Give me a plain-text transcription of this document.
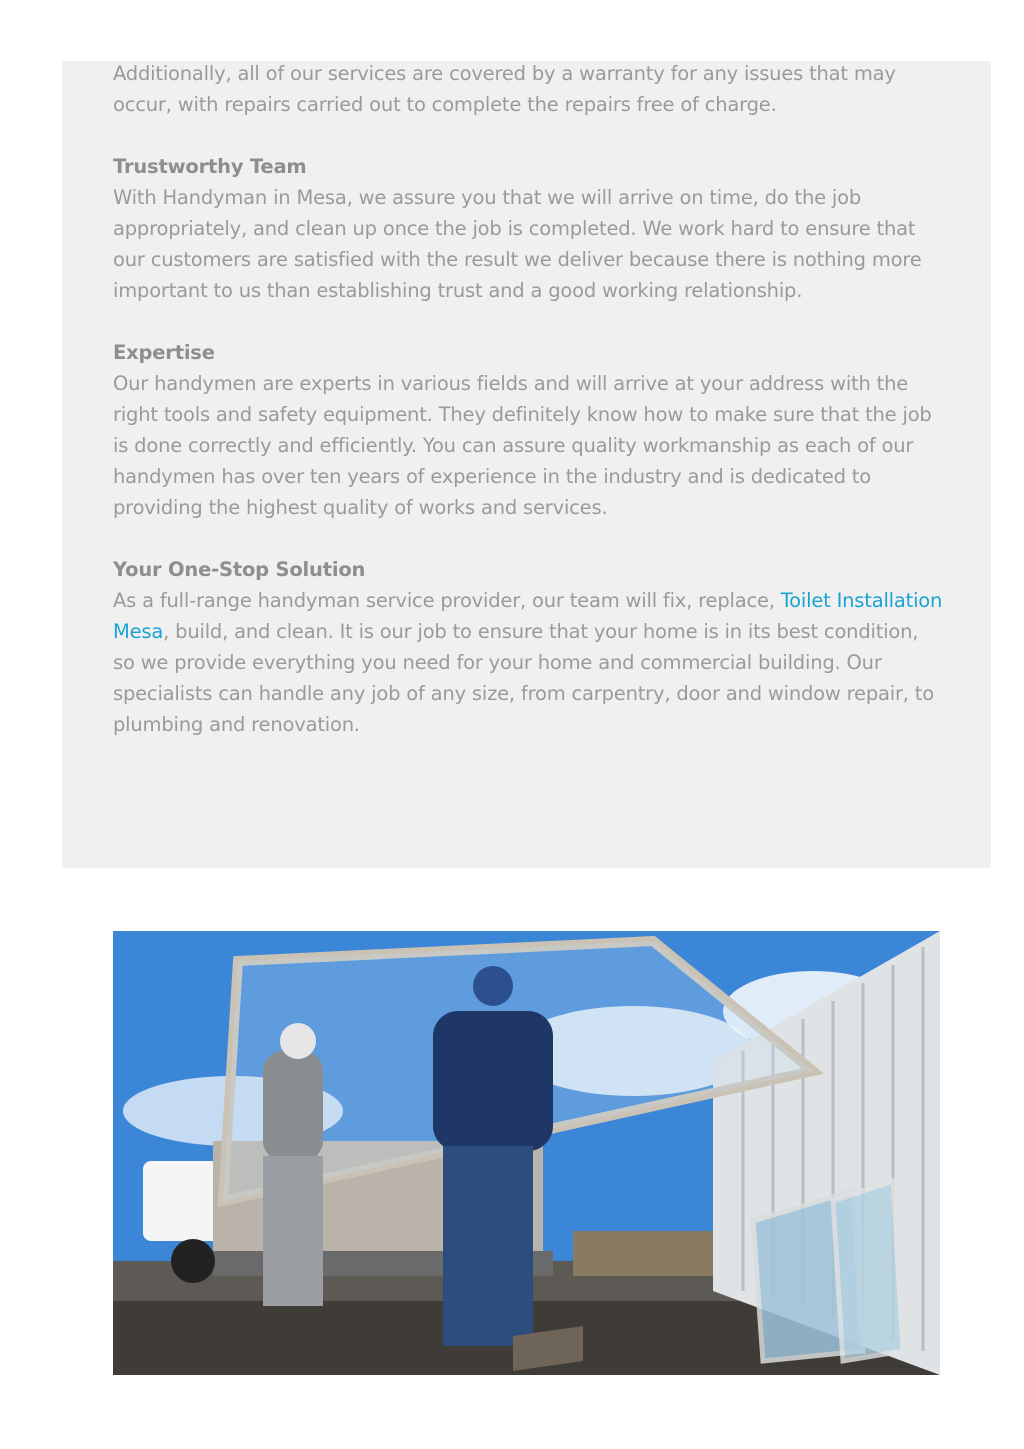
Additionally, all of our services are covered by a warranty for any issues that may occur, with repairs carried out to complete the repairs free of charge.

Trustworthy Team
With Handyman in Mesa, we assure you that we will arrive on time, do the job appropriately, and clean up once the job is completed. We work hard to ensure that our customers are satisfied with the result we deliver because there is nothing more important to us than establishing trust and a good working relationship.

Expertise
Our handymen are experts in various fields and will arrive at your address with the right tools and safety equipment. They definitely know how to make sure that the job is done correctly and efficiently. You can assure quality workmanship as each of our handymen has over ten years of experience in the industry and is dedicated to providing the highest quality of works and services.

Your One-Stop Solution
As a full-range handyman service provider, our team will fix, replace, Toilet Installation Mesa, build, and clean. It is our job to ensure that your home is in its best condition, so we provide everything you need for your home and commercial building. Our specialists can handle any job of any size, from carpentry, door and window repair, to plumbing and renovation.
